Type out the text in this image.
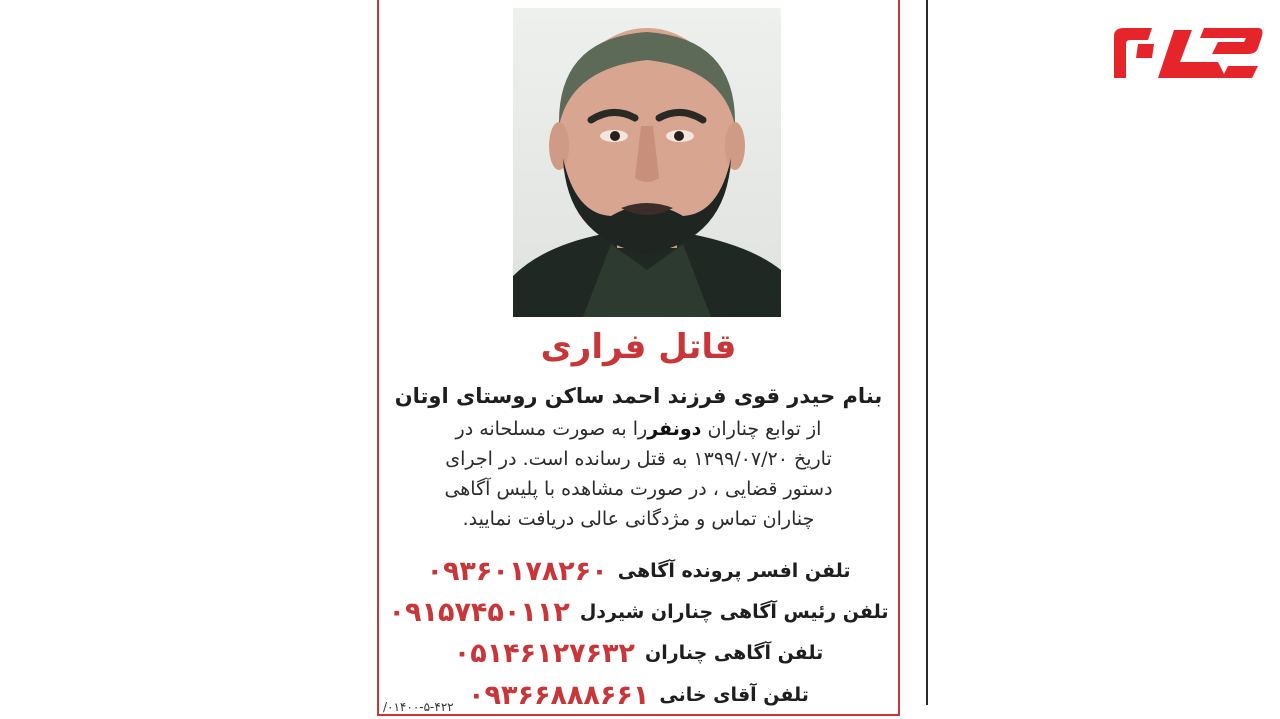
قاتل فراری
بنام حیدر قوی فرزند احمد ساکن روستای اوتان
از توابع چناران دونفررا به صورت مسلحانه در
تاریخ ۱۳۹۹/۰۷/۲۰ به قتل رسانده است. در اجرای
دستور قضایی ، در صورت مشاهده با پلیس آگاهی
چناران تماس و مژدگانی عالی دریافت نمایید.
تلفن افسر پرونده آگاهی
۰۹۳۶۰۱۷۸۲۶۰
تلفن رئیس آگاهی چناران شیردل
۰۹۱۵۷۴۵۰۱۱۲
تلفن آگاهی چناران
۰۵۱۴۶۱۲۷۶۳۲
تلفن آقای خانی
۰۹۳۶۶۸۸۸۶۶۱
/۰۱۴۰۰-۵-۴۲۲
